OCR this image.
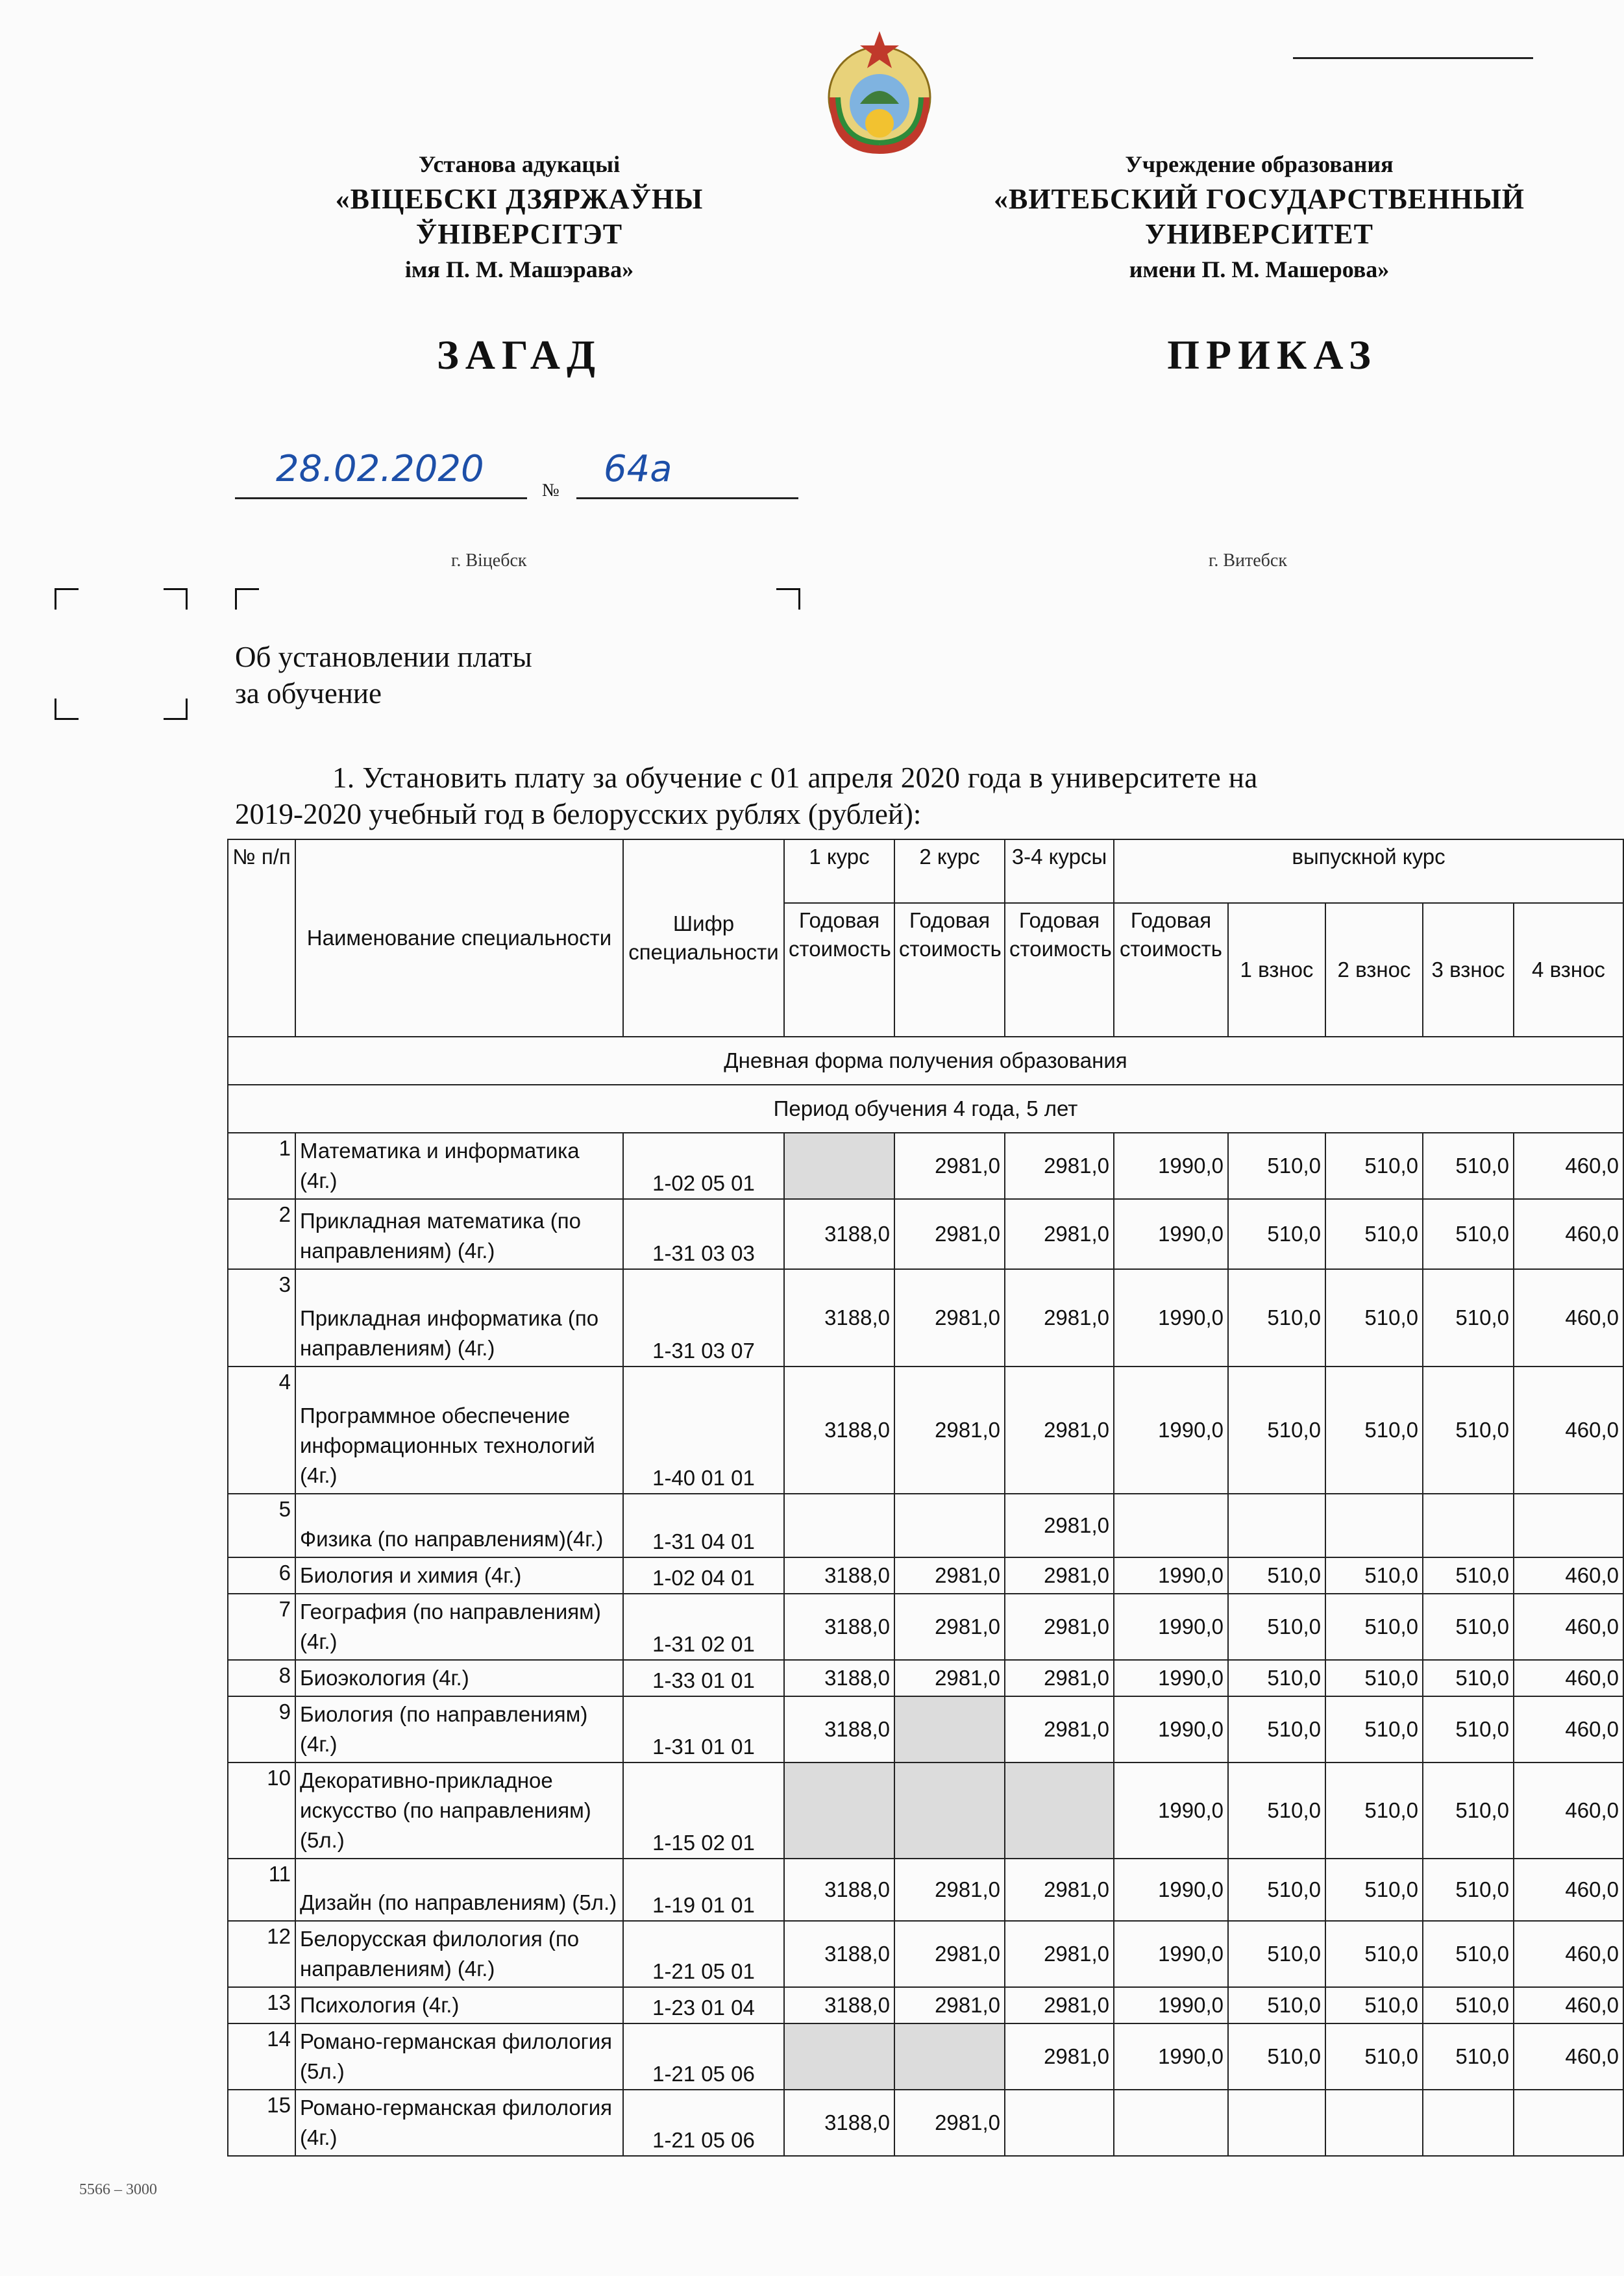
Установа адукацыі
«ВІЦЕБСКІ ДЗЯРЖАЎНЫ
ЎНІВЕРСІТЭТ
імя П. М. Машэрава»
Учреждение образования
«ВИТЕБСКИЙ ГОСУДАРСТВЕННЫЙ
УНИВЕРСИТЕТ
имени П. М. Машерова»
ЗАГАД	ПРИКАЗ
28.02.2020
№
64а
г. Віцебск	г. Витебск
Об установлении платы
за обучение
1. Установить плату за обучение с 01 апреля 2020 года в университете на
2019-2020 учебный год в белорусских рублях (рублей):
№ п/п	Наименование специальности	Шифр специальности	1 курс	2 курс	3-4 курсы	выпускной курс				
			Годовая стоимость	Годовая стоимость	Годовая стоимость	Годовая стоимость	1 взнос	2 взнос	3 взнос	4 взнос
Дневная форма получения образования										
Период обучения 4 года, 5 лет										
1	Математика и информатика (4г.)	1-02 05 01		2981,0	2981,0	1990,0	510,0	510,0	510,0	460,0
2	Прикладная математика (по направлениям) (4г.)	1-31 03 03	3188,0	2981,0	2981,0	1990,0	510,0	510,0	510,0	460,0
3	Прикладная информатика (по направлениям) (4г.)	1-31 03 07	3188,0	2981,0	2981,0	1990,0	510,0	510,0	510,0	460,0
4	Программное обеспечение информационных технологий (4г.)	1-40 01 01	3188,0	2981,0	2981,0	1990,0	510,0	510,0	510,0	460,0
5	Физика (по направлениям)(4г.)	1-31 04 01			2981,0					
6	Биология и химия (4г.)	1-02 04 01	3188,0	2981,0	2981,0	1990,0	510,0	510,0	510,0	460,0
7	География (по направлениям) (4г.)	1-31 02 01	3188,0	2981,0	2981,0	1990,0	510,0	510,0	510,0	460,0
8	Биоэкология (4г.)	1-33 01 01	3188,0	2981,0	2981,0	1990,0	510,0	510,0	510,0	460,0
9	Биология (по направлениям) (4г.)	1-31 01 01	3188,0		2981,0	1990,0	510,0	510,0	510,0	460,0
10	Декоративно-прикладное искусство (по направлениям) (5л.)	1-15 02 01				1990,0	510,0	510,0	510,0	460,0
11	Дизайн (по направлениям) (5л.)	1-19 01 01	3188,0	2981,0	2981,0	1990,0	510,0	510,0	510,0	460,0
12	Белорусская филология (по направлениям) (4г.)	1-21 05 01	3188,0	2981,0	2981,0	1990,0	510,0	510,0	510,0	460,0
13	Психология (4г.)	1-23 01 04	3188,0	2981,0	2981,0	1990,0	510,0	510,0	510,0	460,0
14	Романо-германская филология (5л.)	1-21 05 06			2981,0	1990,0	510,0	510,0	510,0	460,0
15	Романо-германская филология (4г.)	1-21 05 06	3188,0	2981,0						
5566 – 3000
